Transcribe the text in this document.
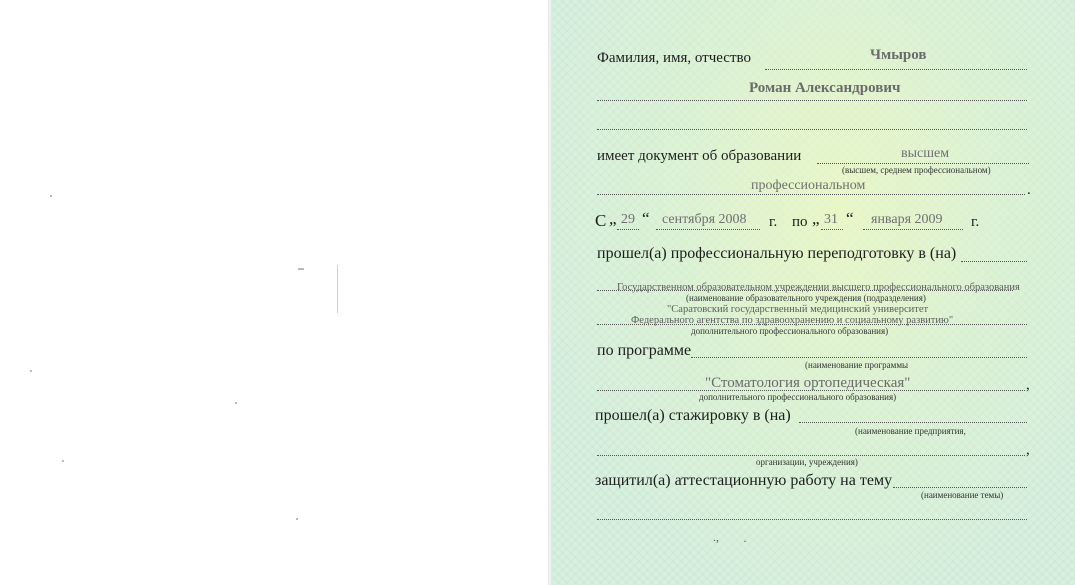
Фамилия, имя, отчество	Чмыров
Роман Александрович
имеет документ об образовании	высшем
(высшем, среднем профессиональном)
профессиональном	.
С „ 29 “ сентября 2008 г. по „ 31 “ января 2009 г.
прошел(а) профессиональную переподготовку в (на)
Государственном образовательном учреждении высшего профессионального образования
(наименование образовательного учреждения (подразделения)
"Саратовский государственный медицинский университет
Федерального агентства по здравоохранению и социальному развитию"
дополнительного профессионального образования)
по программе
(наименование программы
"Стоматология ортопедическая"
дополнительного профессионального образования)
,
прошел(а) стажировку в (на)
(наименование предприятия,
,
организации, учреждения)
защитил(а) аттестационную работу на тему
(наименование темы)
., ·
